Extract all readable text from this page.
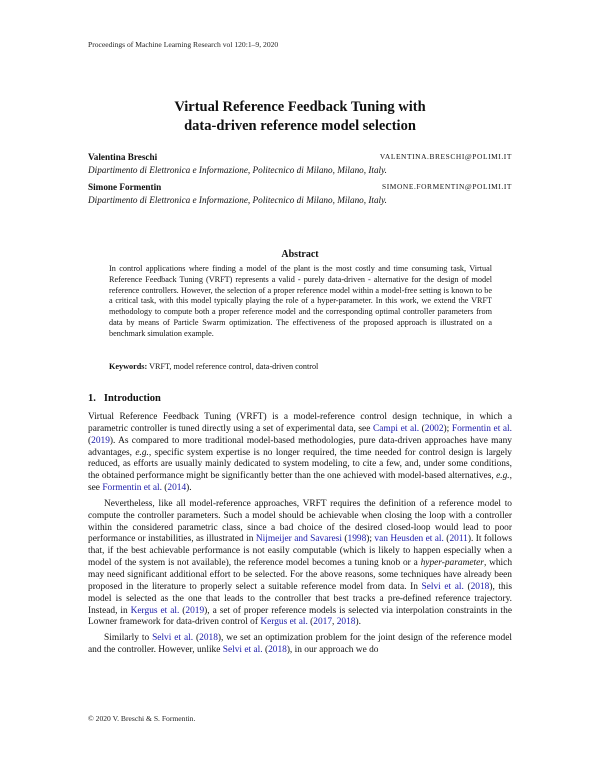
Proceedings of Machine Learning Research vol 120:1–9, 2020
Virtual Reference Feedback Tuning with
data-driven reference model selection
Valentina Breschi	VALENTINA.BRESCHI@POLIMI.IT
Dipartimento di Elettronica e Informazione, Politecnico di Milano, Milano, Italy.
Simone Formentin	SIMONE.FORMENTIN@POLIMI.IT
Dipartimento di Elettronica e Informazione, Politecnico di Milano, Milano, Italy.
Abstract
In control applications where finding a model of the plant is the most costly and time consuming task, Virtual Reference Feedback Tuning (VRFT) represents a valid - purely data-driven - alternative for the design of model reference controllers. However, the selection of a proper reference model within a model-free setting is known to be a critical task, with this model typically playing the role of a hyper-parameter. In this work, we extend the VRFT methodology to compute both a proper reference model and the corresponding optimal controller parameters from data by means of Particle Swarm optimization. The effectiveness of the proposed approach is illustrated on a benchmark simulation example.
Keywords: VRFT, model reference control, data-driven control
1. Introduction

Virtual Reference Feedback Tuning (VRFT) is a model-reference control design technique, in which a parametric controller is tuned directly using a set of experimental data, see Campi et al. (2002); Formentin et al. (2019). As compared to more traditional model-based methodologies, pure data-driven approaches have many advantages, e.g., specific system expertise is no longer required, the time needed for control design is largely reduced, as efforts are usually mainly dedicated to system modeling, to cite a few, and, under some conditions, the obtained performance might be significantly better than the one achieved with model-based alternatives, e.g., see Formentin et al. (2014).

Nevertheless, like all model-reference approaches, VRFT requires the definition of a reference model to compute the controller parameters. Such a model should be achievable when closing the loop with a controller within the considered parametric class, since a bad choice of the desired closed-loop would lead to poor performance or instabilities, as illustrated in Nijmeijer and Savaresi (1998); van Heusden et al. (2011). It follows that, if the best achievable performance is not easily computable (which is likely to happen especially when a model of the system is not available), the reference model becomes a tuning knob or a hyper-parameter, which may need significant additional effort to be selected. For the above reasons, some techniques have already been proposed in the literature to properly select a suitable reference model from data. In Selvi et al. (2018), this model is selected as the one that leads to the controller that best tracks a pre-defined reference trajectory. Instead, in Kergus et al. (2019), a set of proper reference models is selected via interpolation constraints in the Lowner framework for data-driven control of Kergus et al. (2017, 2018).

Similarly to Selvi et al. (2018), we set an optimization problem for the joint design of the reference model and the controller. However, unlike Selvi et al. (2018), in our approach we do

© 2020 V. Breschi & S. Formentin.
